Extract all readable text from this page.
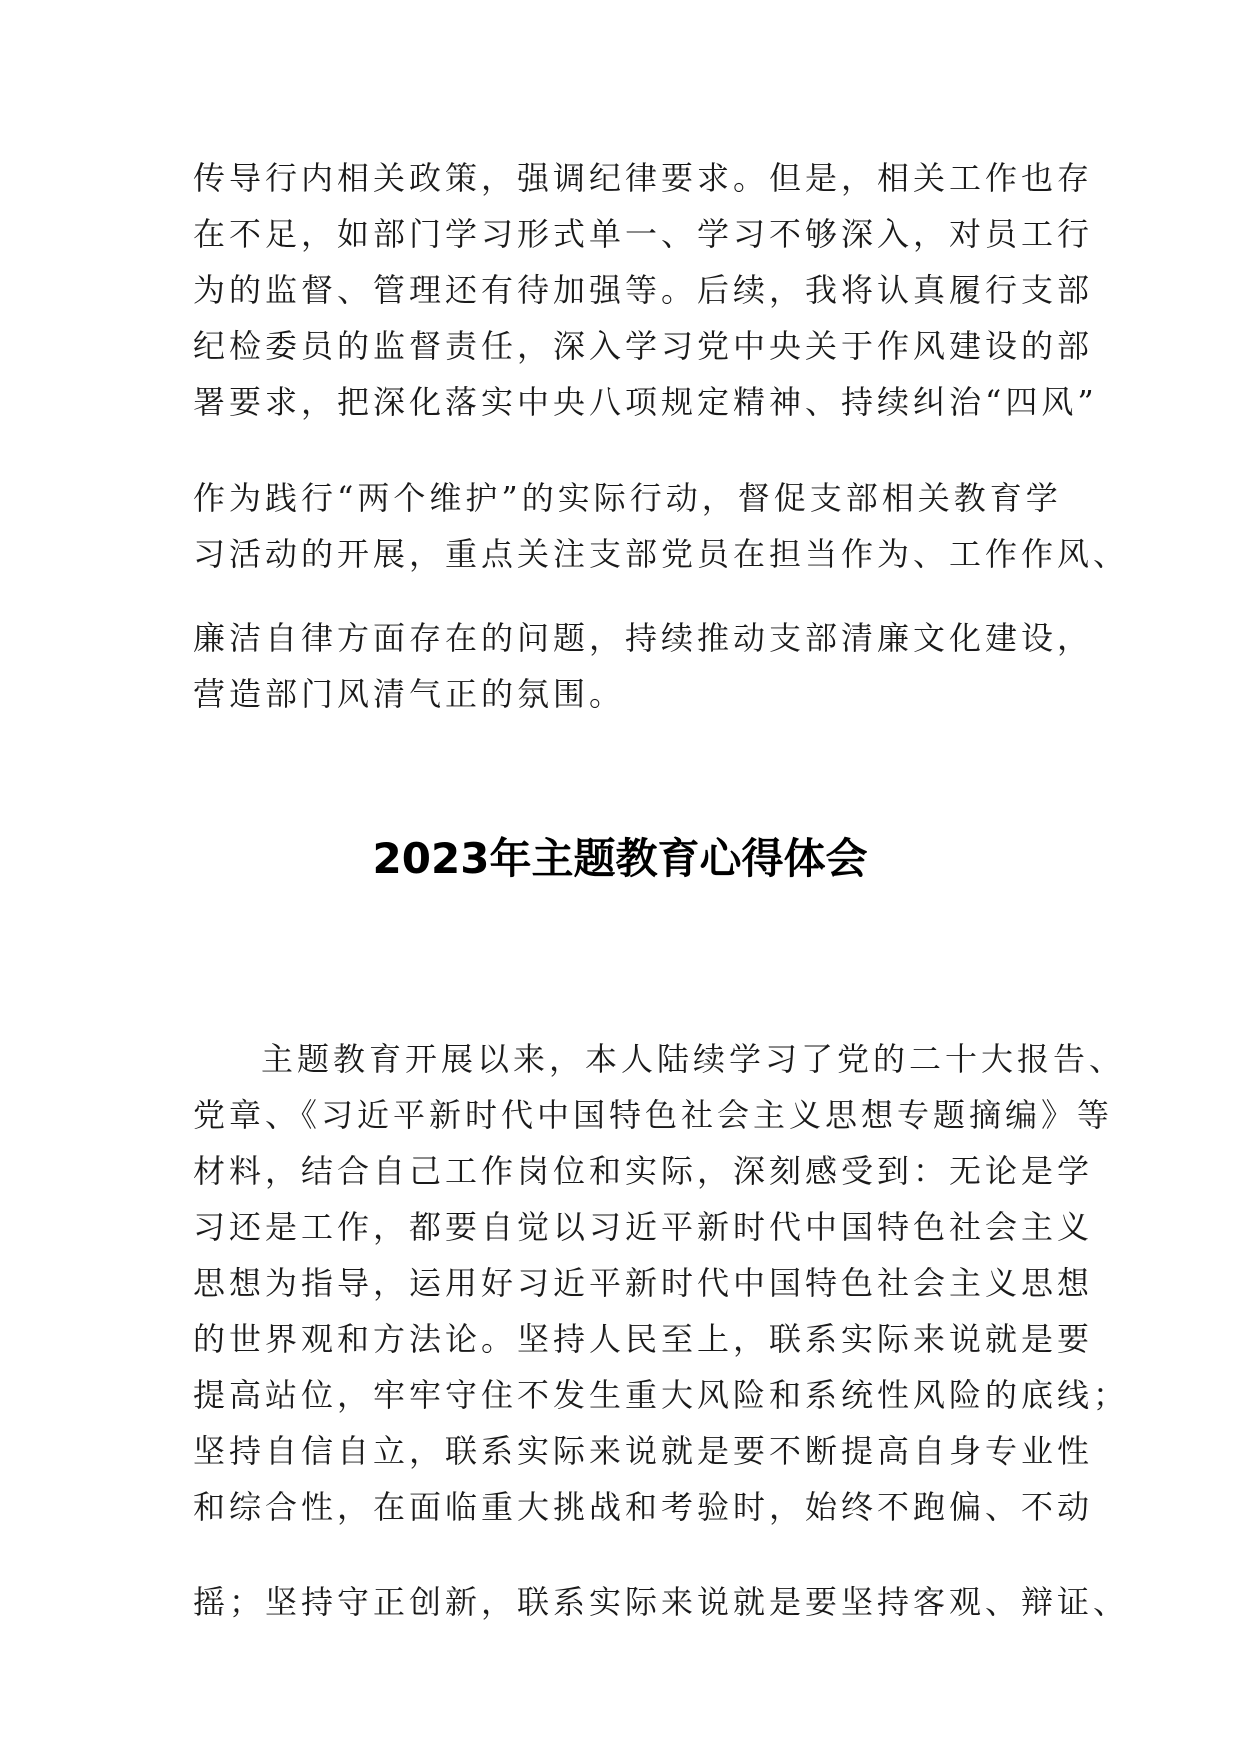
传导行内相关政策，强调纪律要求。但是，相关工作也存
在不足，如部门学习形式单一、学习不够深入，对员工行
为的监督、管理还有待加强等。后续，我将认真履行支部
纪检委员的监督责任，深入学习党中央关于作风建设的部
署要求，把深化落实中央八项规定精神、持续纠治“四风”
作为践行“两个维护”的实际行动，督促支部相关教育学
习活动的开展，重点关注支部党员在担当作为、工作作风、
廉洁自律方面存在的问题，持续推动支部清廉文化建设，
营造部门风清气正的氛围。
2023年主题教育心得体会
主题教育开展以来，本人陆续学习了党的二十大报告、
党章、《习近平新时代中国特色社会主义思想专题摘编》等
材料，结合自己工作岗位和实际，深刻感受到：无论是学
习还是工作，都要自觉以习近平新时代中国特色社会主义
思想为指导，运用好习近平新时代中国特色社会主义思想
的世界观和方法论。坚持人民至上，联系实际来说就是要
提高站位，牢牢守住不发生重大风险和系统性风险的底线；
坚持自信自立，联系实际来说就是要不断提高自身专业性
和综合性，在面临重大挑战和考验时，始终不跑偏、不动
摇；坚持守正创新，联系实际来说就是要坚持客观、辩证、
